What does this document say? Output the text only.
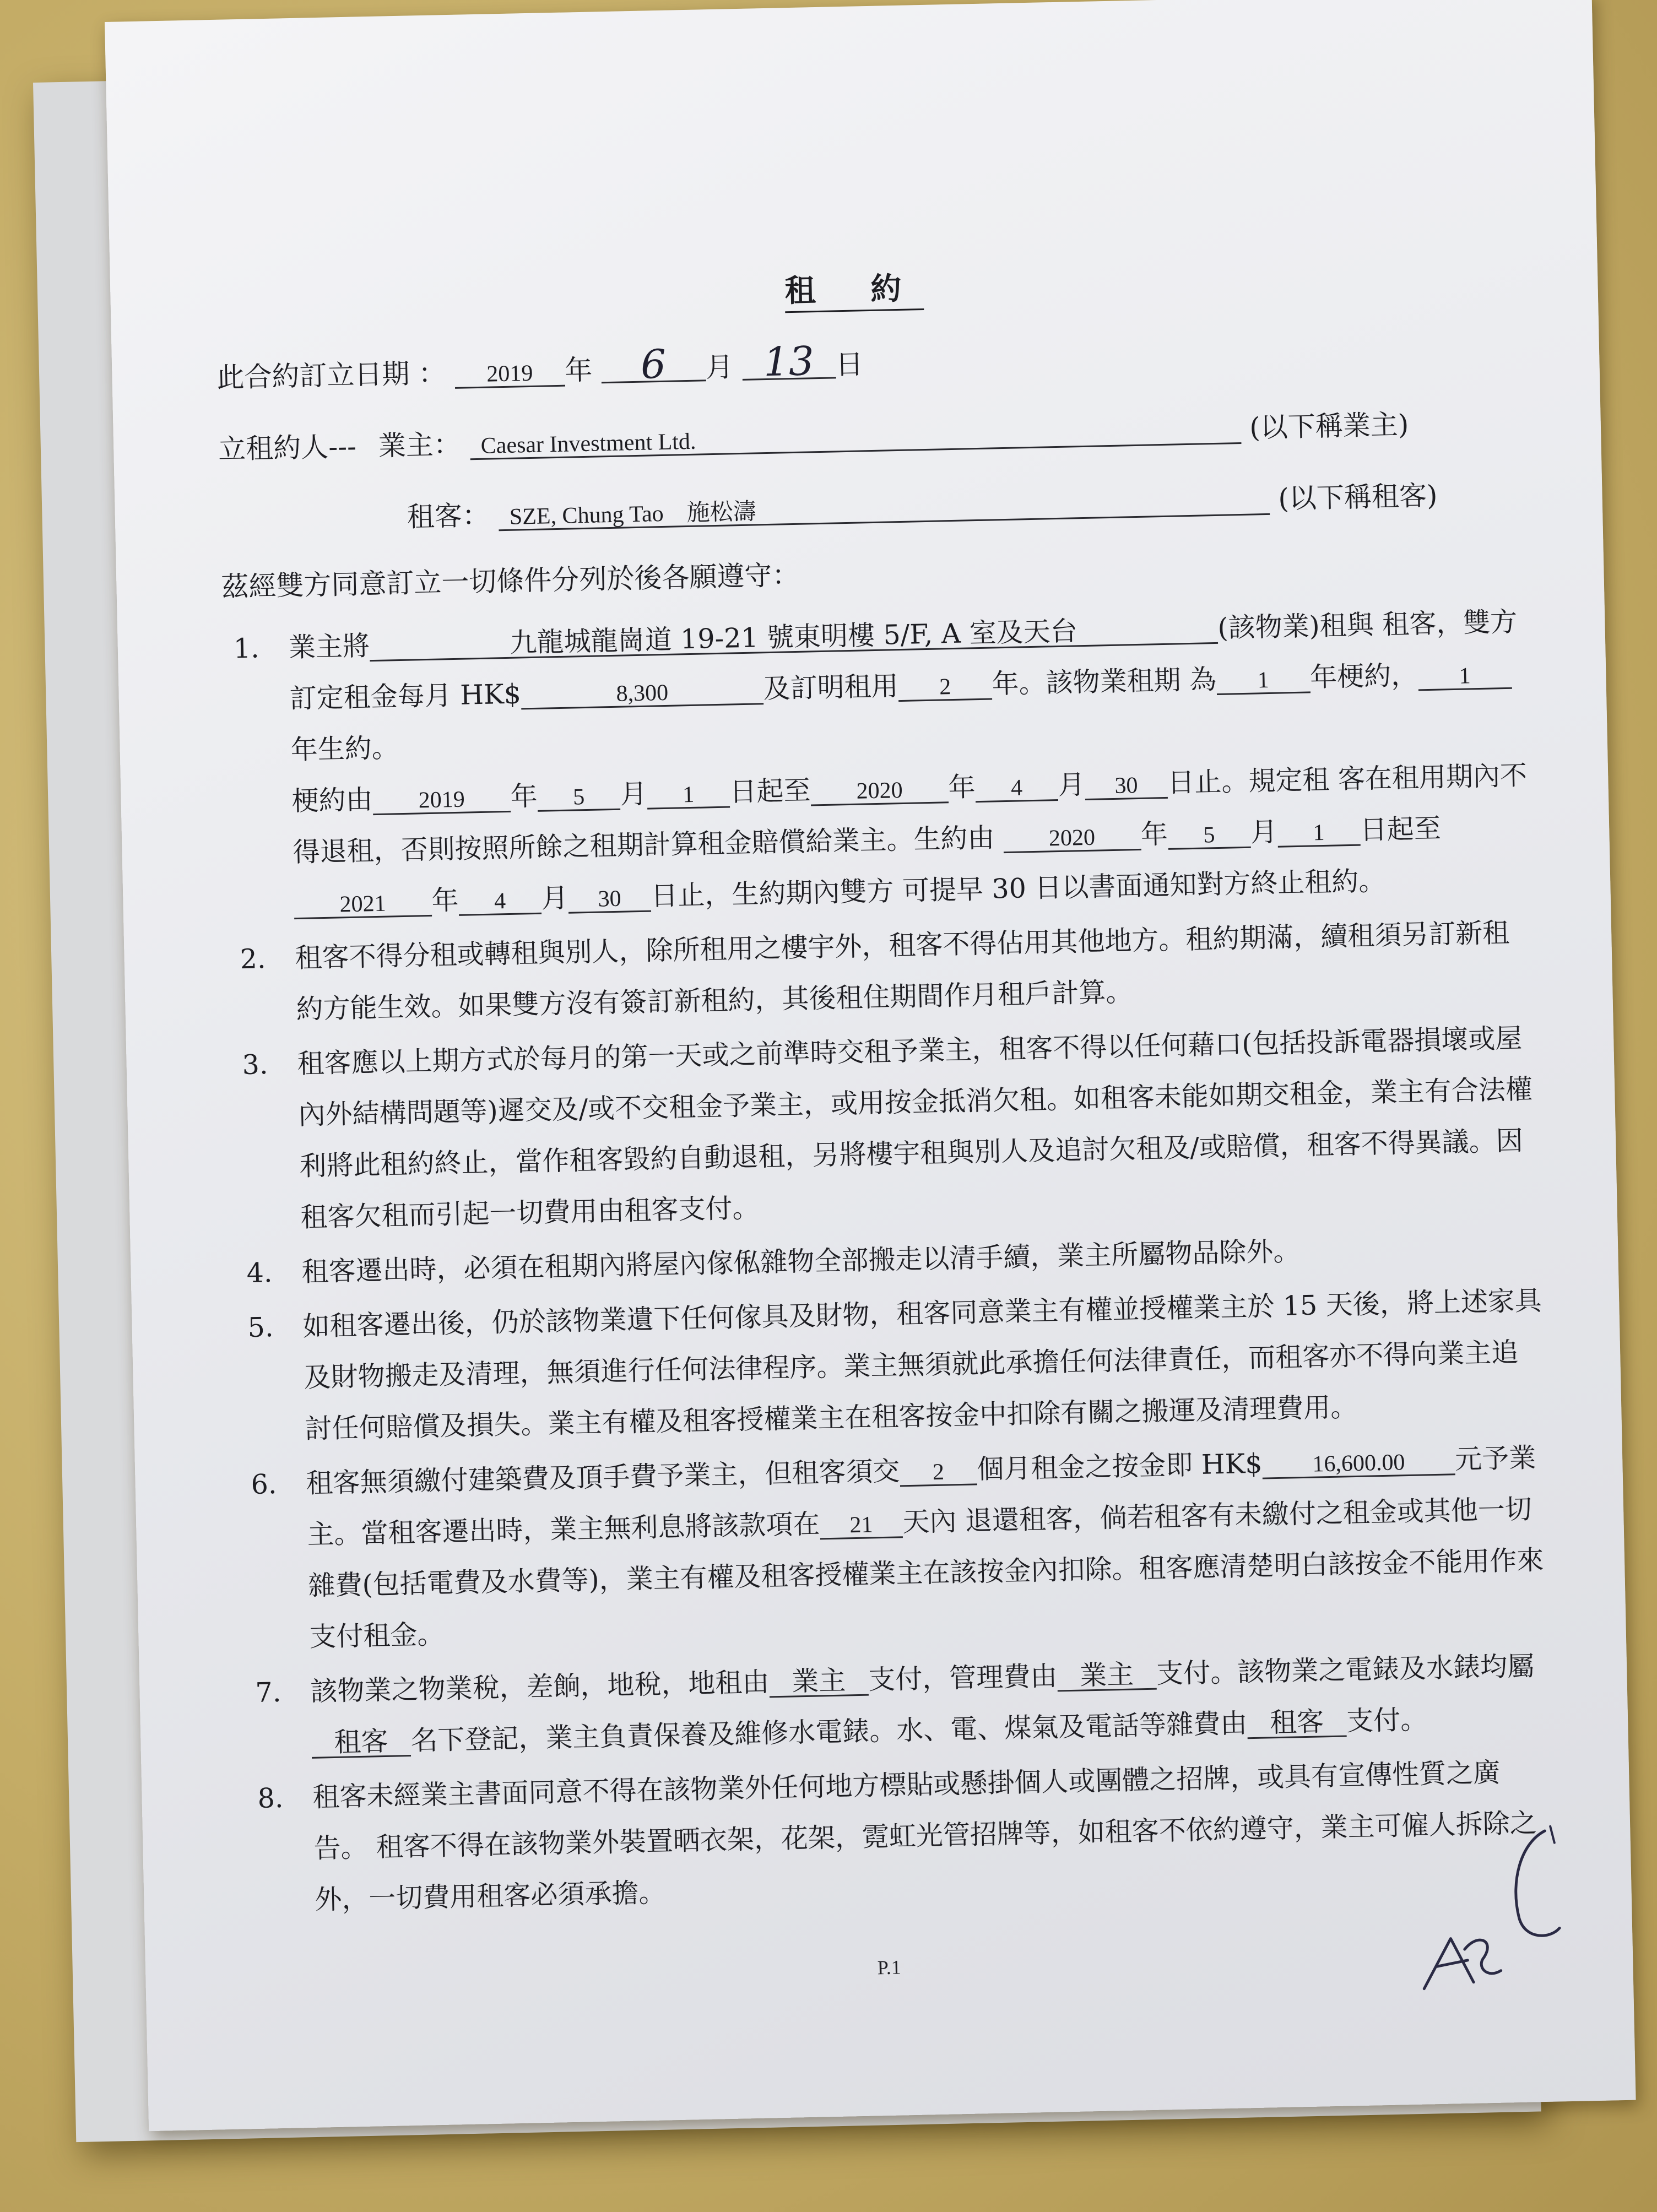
租 約
此合約訂立日期 ： 2019 年 6 月 13 日
立租約人--- 業主： Caesar Investment Ltd. (以下稱業主)
租客： SZE, Chung Tao　施松濤	(以下稱租客)
茲經雙方同意訂立一切條件分列於後各願遵守：
1. 業主將	九龍城龍崗道 19-21 號東明樓 5/F, A 室及天台	(該物業)租與 租客，雙方訂定租金每月 HK$	8,300	及訂明租用 2 年。該物業租期 為 1 年梗約， 1年生約。
梗約由 2019 年 5 月 1 日起至 2020 年 4 月 30 日止。規定租 客在租用期內不得退租，否則按照所餘之租期計算租金賠償給業主。生約由 2020 年 5 月 1 日起至2021 年 4 月 30 日止，生約期內雙方 可提早 30 日以書面通知對方終止租約。
2. 租客不得分租或轉租與別人，除所租用之樓宇外，租客不得佔用其他地方。租約期滿，續租須另訂新租約方能生效。如果雙方沒有簽訂新租約，其後租住期間作月租戶計算。
3. 租客應以上期方式於每月的第一天或之前準時交租予業主，租客不得以任何藉口(包括投訴電器損壞或屋內外結構問題等)遲交及/或不交租金予業主，或用按金抵消欠租。如租客未能如期交租金，業主有合法權利將此租約終止，當作租客毀約自動退租，另將樓宇租與別人及追討欠租及/或賠償，租客不得異議。因租客欠租而引起一切費用由租客支付。
4. 租客遷出時，必須在租期內將屋內傢俬雜物全部搬走以清手續，業主所屬物品除外。
5. 如租客遷出後，仍於該物業遺下任何傢具及財物，租客同意業主有權並授權業主於 15 天後，將上述家具及財物搬走及清理，無須進行任何法律程序。業主無須就此承擔任何法律責任，而租客亦不得向業主追討任何賠償及損失。業主有權及租客授權業主在租客按金中扣除有關之搬運及清理費用。
6. 租客無須繳付建築費及頂手費予業主，但租客須交 2 個月租金之按金即 HK$ 16,600.00 元予業主。當租客遷出時，業主無利息將該款項在 21 天內 退還租客，倘若租客有未繳付之租金或其他一切雜費(包括電費及水費等)，業主有權及租客授權業主在該按金內扣除。租客應清楚明白該按金不能用作來支付租金。
7. 該物業之物業稅，差餉，地稅，地租由 業主 支付，管理費由 業主 支付。該物業之電錶及水錶均屬租客 名下登記，業主負責保養及維修水電錶。水、電、煤氣及電話等雜費由 租客 支付。
8. 租客未經業主書面同意不得在該物業外任何地方標貼或懸掛個人或團體之招牌，或具有宣傳性質之廣告。 租客不得在該物業外裝置晒衣架，花架，霓虹光管招牌等，如租客不依約遵守，業主可僱人拆除之外，一切費用租客必須承擔。
P.1
